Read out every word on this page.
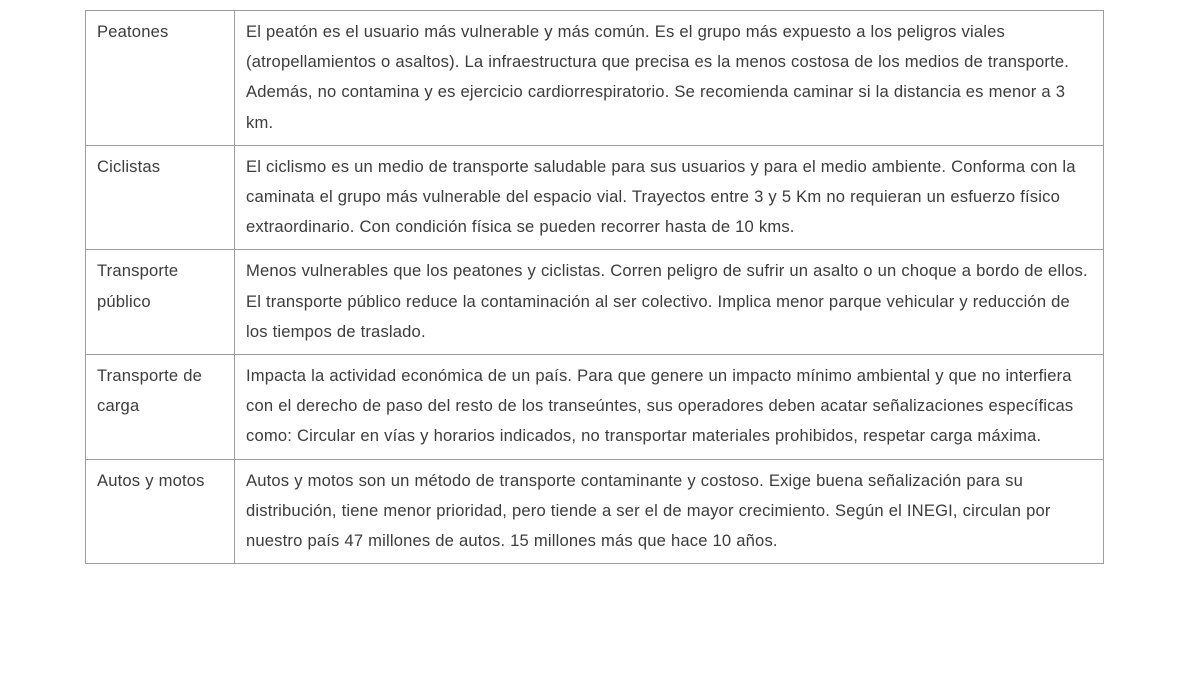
Peatones	El peatón es el usuario más vulnerable y más común. Es el grupo más expuesto a los peligros viales (atropellamientos o asaltos). La infraestructura que precisa es la menos costosa de los medios de transporte. Además, no contamina y es ejercicio cardiorrespiratorio. Se recomienda caminar si la distancia es menor a 3 km.

Ciclistas	El ciclismo es un medio de transporte saludable para sus usuarios y para el medio ambiente. Conforma con la caminata el grupo más vulnerable del espacio vial. Trayectos entre 3 y 5 Km no requieran un esfuerzo físico extraordinario. Con condición física se pueden recorrer hasta de 10 kms.

Transporte público	Menos vulnerables que los peatones y ciclistas. Corren peligro de sufrir un asalto o un choque a bordo de ellos. El transporte público reduce la contaminación al ser colectivo. Implica menor parque vehicular y reducción de los tiempos de traslado.

Transporte de carga	Impacta la actividad económica de un país. Para que genere un impacto mínimo ambiental y que no interfiera con el derecho de paso del resto de los transeúntes, sus operadores deben acatar señalizaciones específicas como: Circular en vías y horarios indicados, no transportar materiales prohibidos, respetar carga máxima.

Autos y motos	Autos y motos son un método de transporte contaminante y costoso. Exige buena señalización para su distribución, tiene menor prioridad, pero tiende a ser el de mayor crecimiento. Según el INEGI, circulan por nuestro país 47 millones de autos. 15 millones más que hace 10 años.
